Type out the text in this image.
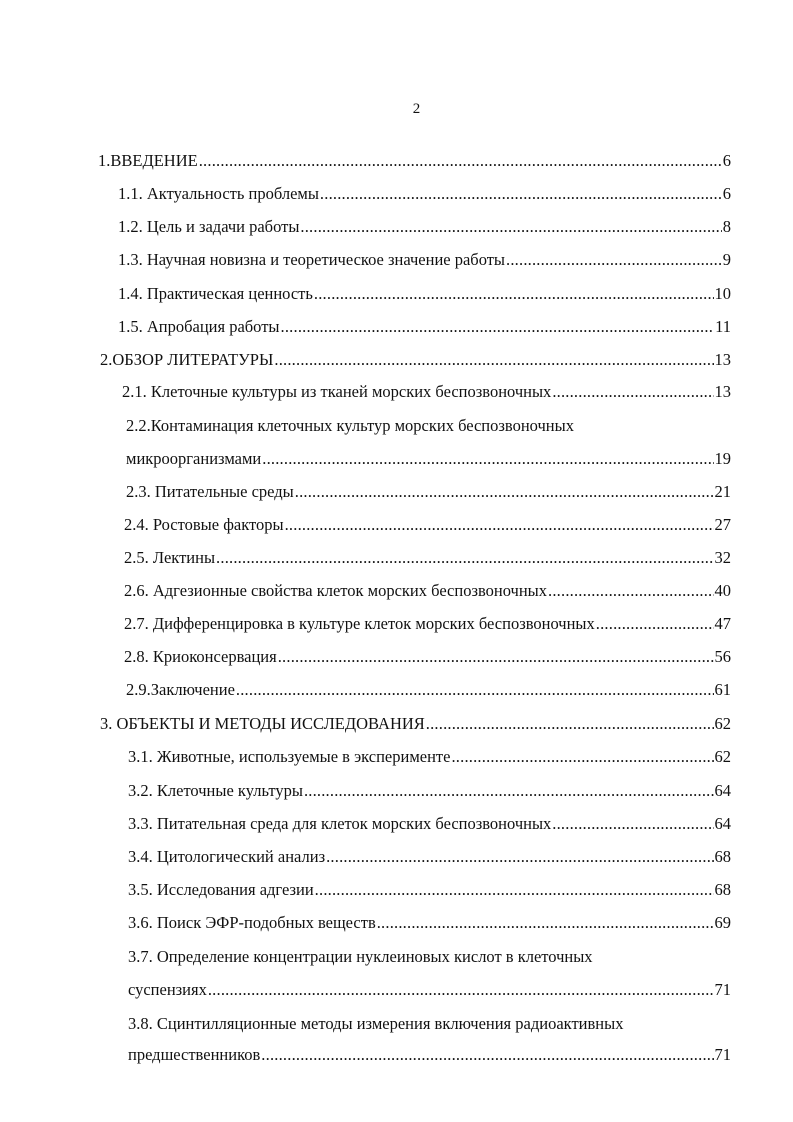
2
1.ВВЕДЕНИЕ .....	6
1.1. Актуальность проблемы .....	6
1.2. Цель и задачи работы .....	8
1.3. Научная новизна и теоретическое значение работы .....	9
1.4. Практическая ценность .....	10
1.5. Апробация работы .....	11
2.ОБЗОР ЛИТЕРАТУРЫ .....	13
2.1. Клеточные культуры из тканей морских беспозвоночных .....	13
2.2.Контаминация клеточных культур морских беспозвоночных
микроорганизмами .....	19
2.3. Питательные среды .....	21
2.4. Ростовые факторы .....	27
2.5. Лектины .....	32
2.6. Адгезионные свойства клеток морских беспозвоночных .....	40
2.7. Дифференцировка в культуре клеток морских беспозвоночных .....	47
2.8. Криоконсервация .....	56
2.9.Заключение .....	61
3. ОБЪЕКТЫ И МЕТОДЫ ИССЛЕДОВАНИЯ .....	62
3.1. Животные, используемые в эксперименте .....	62
3.2. Клеточные культуры .....	64
3.3. Питательная среда для клеток морских беспозвоночных .....	64
3.4. Цитологический анализ .....	68
3.5. Исследования адгезии .....	68
3.6. Поиск ЭФР-подобных веществ .....	69
3.7. Определение концентрации нуклеиновых кислот в клеточных
суспензиях .....	71
3.8. Сцинтилляционные методы измерения включения радиоактивных
предшественников .....	71
